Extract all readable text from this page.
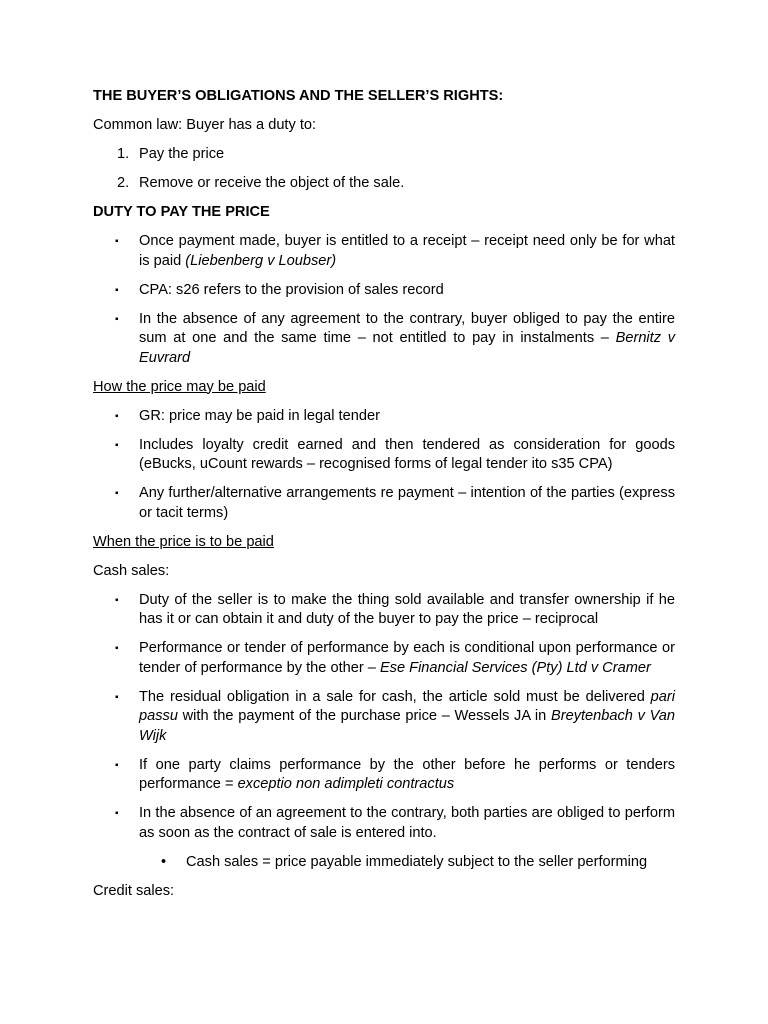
THE BUYER’S OBLIGATIONS AND THE SELLER’S RIGHTS:

Common law: Buyer has a duty to:

1. Pay the price
2. Remove or receive the object of the sale.

DUTY TO PAY THE PRICE

▪ Once payment made, buyer is entitled to a receipt – receipt need only be for what is paid (Liebenberg v Loubser)
▪ CPA: s26 refers to the provision of sales record
▪ In the absence of any agreement to the contrary, buyer obliged to pay the entire sum at one and the same time – not entitled to pay in instalments – Bernitz v Euvrard

How the price may be paid

▪ GR: price may be paid in legal tender
▪ Includes loyalty credit earned and then tendered as consideration for goods (eBucks, uCount rewards – recognised forms of legal tender ito s35 CPA)
▪ Any further/alternative arrangements re payment – intention of the parties (express or tacit terms)

When the price is to be paid

Cash sales:

▪ Duty of the seller is to make the thing sold available and transfer ownership if he has it or can obtain it and duty of the buyer to pay the price – reciprocal
▪ Performance or tender of performance by each is conditional upon performance or tender of performance by the other – Ese Financial Services (Pty) Ltd v Cramer
▪ The residual obligation in a sale for cash, the article sold must be delivered pari passu with the payment of the purchase price – Wessels JA in Breytenbach v Van Wijk
▪ If one party claims performance by the other before he performs or tenders performance = exceptio non adimpleti contractus
▪ In the absence of an agreement to the contrary, both parties are obliged to perform as soon as the contract of sale is entered into.
• Cash sales = price payable immediately subject to the seller performing

Credit sales:
